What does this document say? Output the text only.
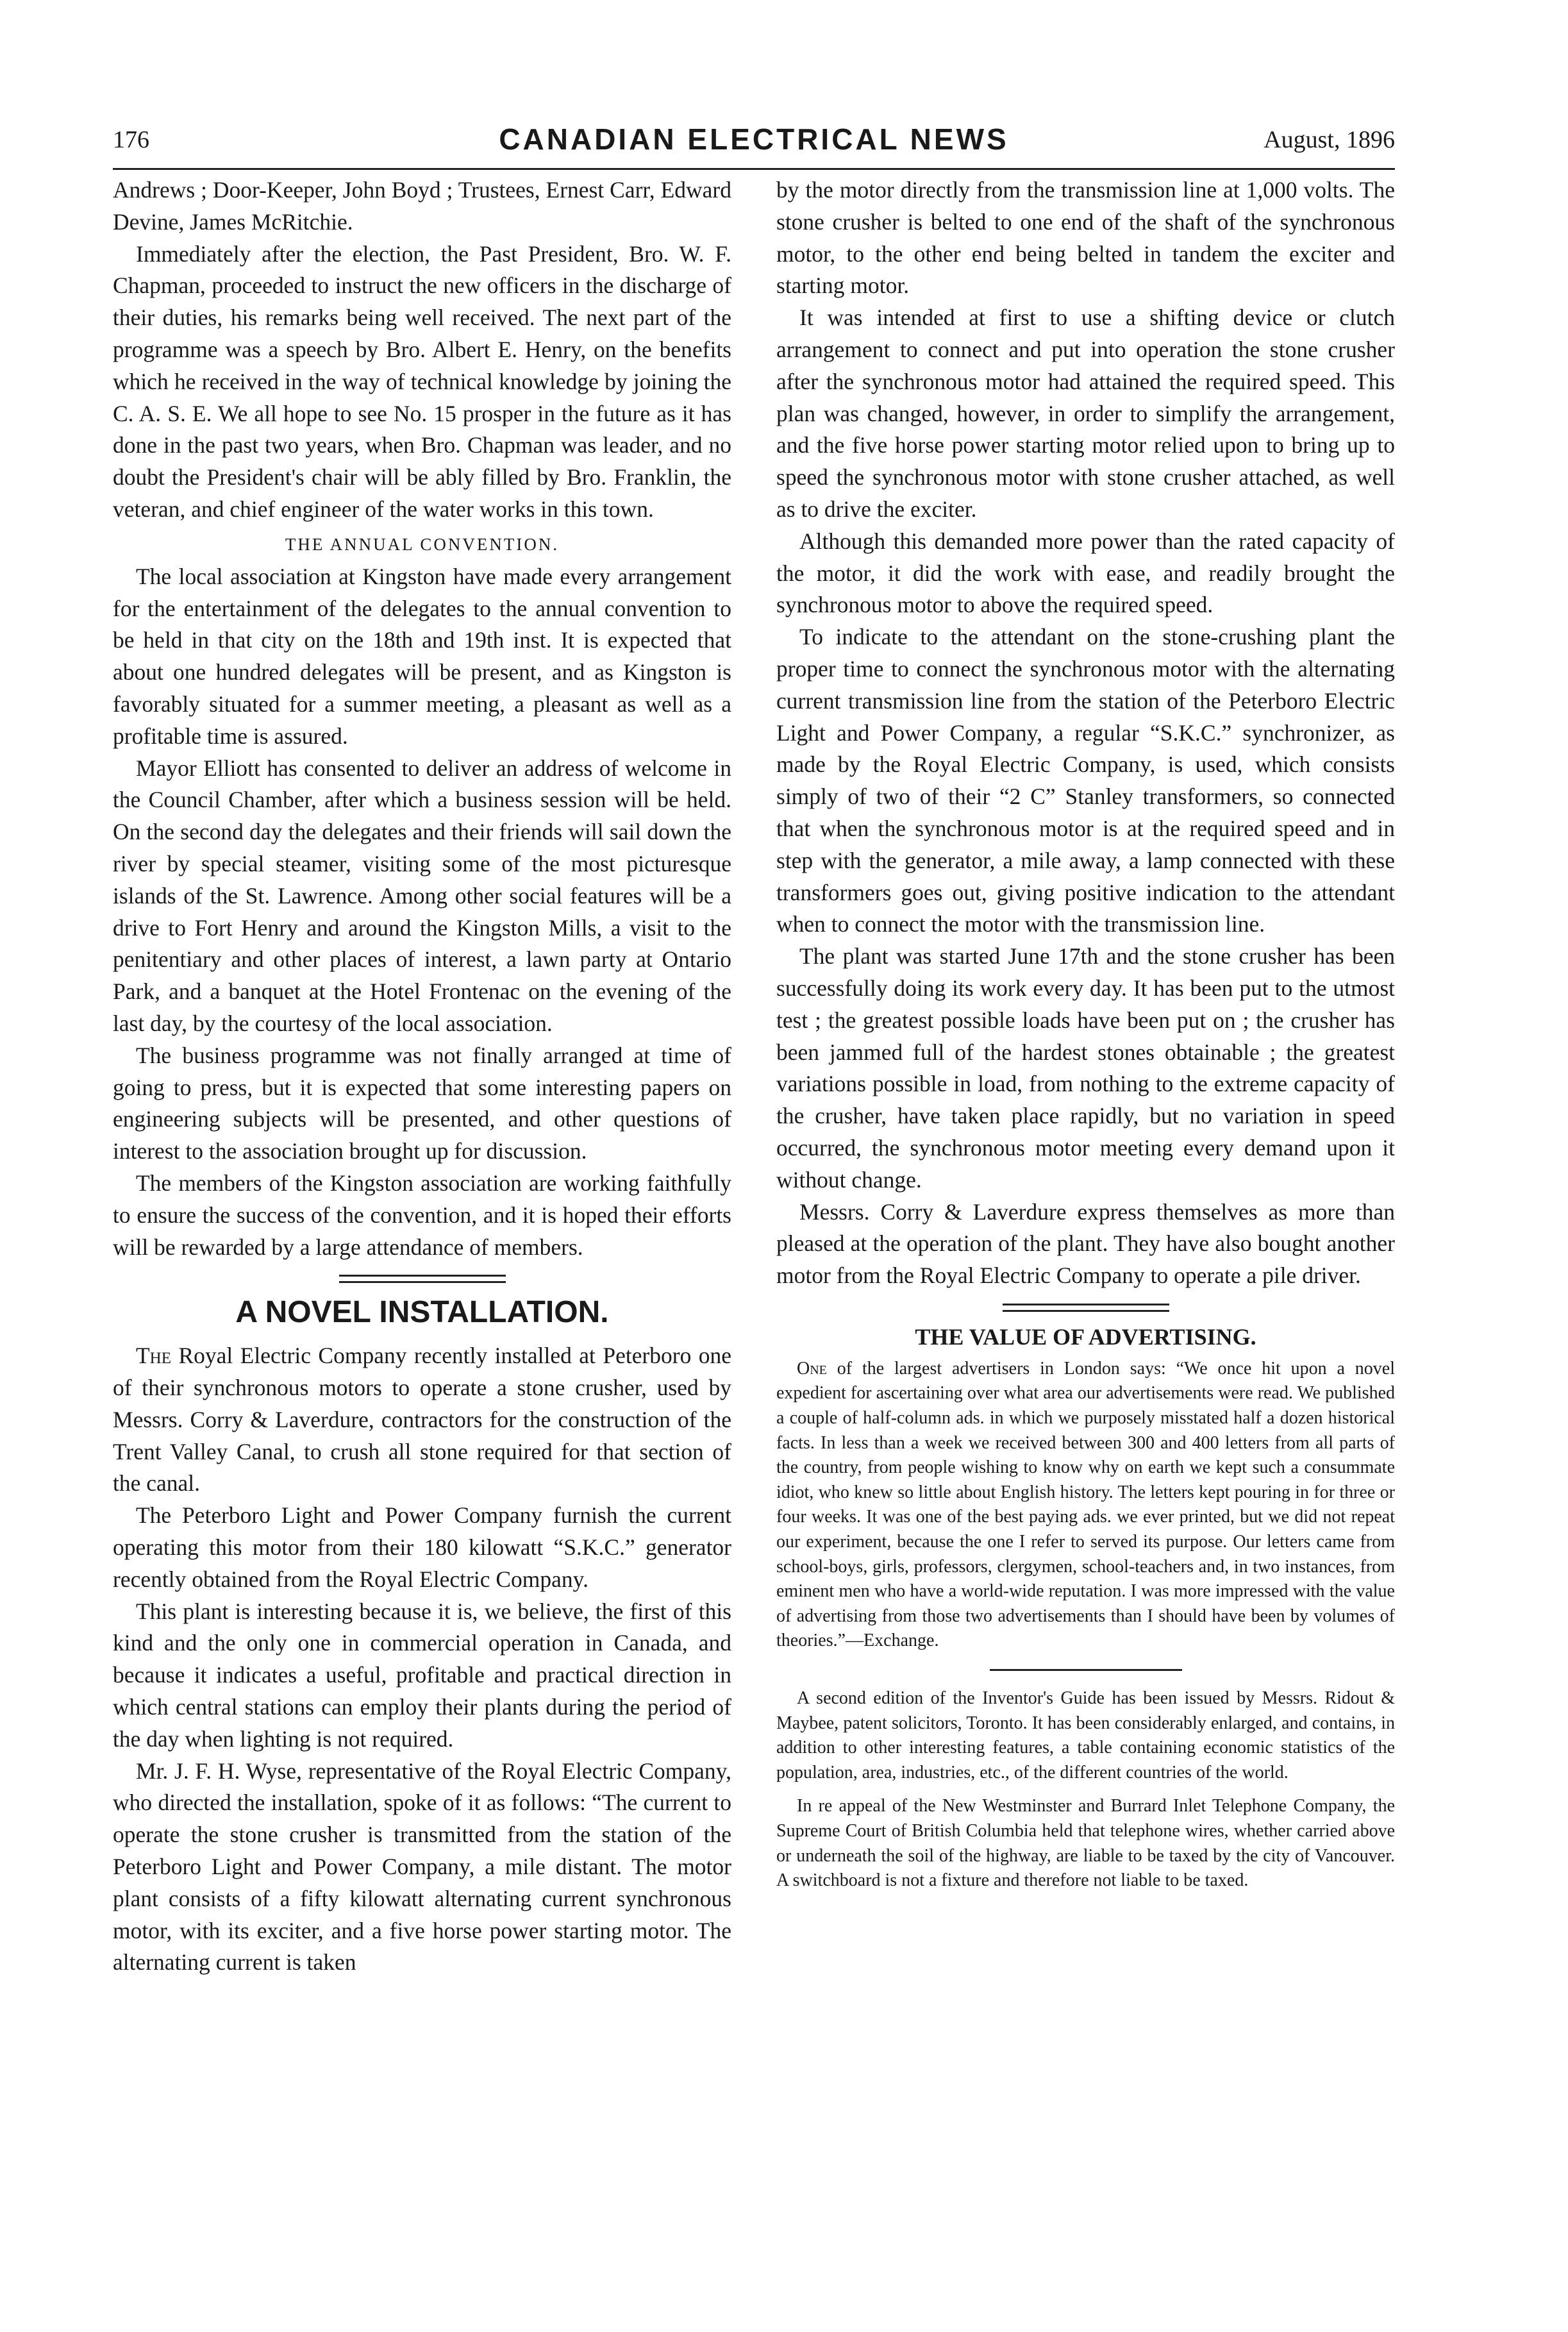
176	CANADIAN ELECTRICAL NEWS	August, 1896

Andrews ; Door-Keeper, John Boyd ; Trustees, Ernest Carr, Edward Devine, James McRitchie.

Immediately after the election, the Past President, Bro. W. F. Chapman, proceeded to instruct the new officers in the discharge of their duties, his remarks being well received. The next part of the programme was a speech by Bro. Albert E. Henry, on the benefits which he received in the way of technical knowledge by joining the C. A. S. E. We all hope to see No. 15 prosper in the future as it has done in the past two years, when Bro. Chapman was leader, and no doubt the President's chair will be ably filled by Bro. Franklin, the veteran, and chief engineer of the water works in this town.

THE ANNUAL CONVENTION.

The local association at Kingston have made every arrangement for the entertainment of the delegates to the annual convention to be held in that city on the 18th and 19th inst. It is expected that about one hundred delegates will be present, and as Kingston is favorably situated for a summer meeting, a pleasant as well as a profitable time is assured.

Mayor Elliott has consented to deliver an address of welcome in the Council Chamber, after which a business session will be held. On the second day the delegates and their friends will sail down the river by special steamer, visiting some of the most picturesque islands of the St. Lawrence. Among other social features will be a drive to Fort Henry and around the Kingston Mills, a visit to the penitentiary and other places of interest, a lawn party at Ontario Park, and a banquet at the Hotel Frontenac on the evening of the last day, by the courtesy of the local association.

The business programme was not finally arranged at time of going to press, but it is expected that some interesting papers on engineering subjects will be presented, and other questions of interest to the association brought up for discussion.

The members of the Kingston association are working faithfully to ensure the success of the convention, and it is hoped their efforts will be rewarded by a large attendance of members.

A NOVEL INSTALLATION.

The Royal Electric Company recently installed at Peterboro one of their synchronous motors to operate a stone crusher, used by Messrs. Corry & Laverdure, contractors for the construction of the Trent Valley Canal, to crush all stone required for that section of the canal.

The Peterboro Light and Power Company furnish the current operating this motor from their 180 kilowatt “S.K.C.” generator recently obtained from the Royal Electric Company.

This plant is interesting because it is, we believe, the first of this kind and the only one in commercial operation in Canada, and because it indicates a useful, profitable and practical direction in which central stations can employ their plants during the period of the day when lighting is not required.

Mr. J. F. H. Wyse, representative of the Royal Electric Company, who directed the installation, spoke of it as follows: “The current to operate the stone crusher is transmitted from the station of the Peterboro Light and Power Company, a mile distant. The motor plant consists of a fifty kilowatt alternating current synchronous motor, with its exciter, and a five horse power starting motor. The alternating current is taken

by the motor directly from the transmission line at 1,000 volts. The stone crusher is belted to one end of the shaft of the synchronous motor, to the other end being belted in tandem the exciter and starting motor.

It was intended at first to use a shifting device or clutch arrangement to connect and put into operation the stone crusher after the synchronous motor had attained the required speed. This plan was changed, however, in order to simplify the arrangement, and the five horse power starting motor relied upon to bring up to speed the synchronous motor with stone crusher attached, as well as to drive the exciter.

Although this demanded more power than the rated capacity of the motor, it did the work with ease, and readily brought the synchronous motor to above the required speed.

To indicate to the attendant on the stone-crushing plant the proper time to connect the synchronous motor with the alternating current transmission line from the station of the Peterboro Electric Light and Power Company, a regular “S.K.C.” synchronizer, as made by the Royal Electric Company, is used, which consists simply of two of their “2 C” Stanley transformers, so connected that when the synchronous motor is at the required speed and in step with the generator, a mile away, a lamp connected with these transformers goes out, giving positive indication to the attendant when to connect the motor with the transmission line.

The plant was started June 17th and the stone crusher has been successfully doing its work every day. It has been put to the utmost test ; the greatest possible loads have been put on ; the crusher has been jammed full of the hardest stones obtainable ; the greatest variations possible in load, from nothing to the extreme capacity of the crusher, have taken place rapidly, but no variation in speed occurred, the synchronous motor meeting every demand upon it without change.

Messrs. Corry & Laverdure express themselves as more than pleased at the operation of the plant. They have also bought another motor from the Royal Electric Company to operate a pile driver.

THE VALUE OF ADVERTISING.

One of the largest advertisers in London says: “We once hit upon a novel expedient for ascertaining over what area our advertisements were read. We published a couple of half-column ads. in which we purposely misstated half a dozen historical facts. In less than a week we received between 300 and 400 letters from all parts of the country, from people wishing to know why on earth we kept such a consummate idiot, who knew so little about English history. The letters kept pouring in for three or four weeks. It was one of the best paying ads. we ever printed, but we did not repeat our experiment, because the one I refer to served its purpose. Our letters came from school-boys, girls, professors, clergymen, school-teachers and, in two instances, from eminent men who have a world-wide reputation. I was more impressed with the value of advertising from those two advertisements than I should have been by volumes of theories.”—Exchange.

A second edition of the Inventor's Guide has been issued by Messrs. Ridout & Maybee, patent solicitors, Toronto. It has been considerably enlarged, and contains, in addition to other interesting features, a table containing economic statistics of the population, area, industries, etc., of the different countries of the world.

In re appeal of the New Westminster and Burrard Inlet Telephone Company, the Supreme Court of British Columbia held that telephone wires, whether carried above or underneath the soil of the highway, are liable to be taxed by the city of Vancouver. A switchboard is not a fixture and therefore not liable to be taxed.
